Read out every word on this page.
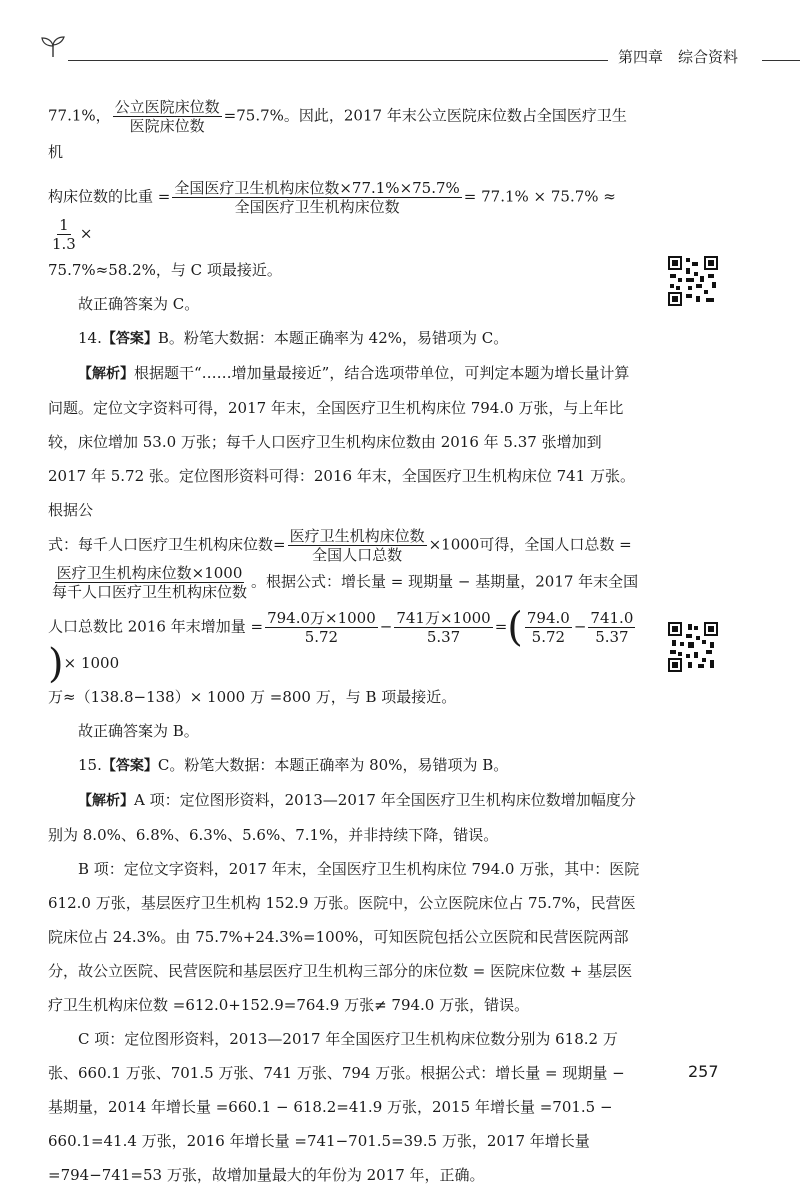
第四章　综合资料

77.1%， $\frac{\text{公立医院床位数}}{\text{医院床位数}} =75.7\%$。因此，2017 年末公立医院床位数占全国医疗卫生机

构床位数的比重 = $\frac{\text{全国医疗卫生机构床位数×77.1\%×75.7\%}}{\text{全国医疗卫生机构床位数}} = 77.1\% \times 75.7\%$ ≈
$\frac{1}{1.3}$ ×

75.7%≈58.2%，与 C 项最接近。

故正确答案为 C。

14.【答案】B。粉笔大数据：本题正确率为 42%，易错项为 C。

【解析】根据题干“……增加量最接近”，结合选项带单位，可判定本题为增长量计算问题。定位文字资料可得，2017 年末，全国医疗卫生机构床位 794.0 万张，与上年比较，床位增加 53.0 万张；每千人口医疗卫生机构床位数由 2016 年 5.37 张增加到 2017 年 5.72 张。定位图形资料可得：2016 年末，全国医疗卫生机构床位 741 万张。根据公

式：每千人口医疗卫生机构床位数= $\frac{\text{医疗卫生机构床位数}}{\text{全国人口总数}} \times 1000$可得，全国人口总数 =

$\frac{\text{医疗卫生机构床位数×1000}}{\text{每千人口医疗卫生机构床位数}}$ 。根据公式：增长量 = 现期量 − 基期量，2017 年末全国

人口总数比 2016 年末增加量 = $\frac{\text{794.0万×1000}}{5.72} - \frac{\text{741万×1000}}{5.37}$ =( $\frac{794.0}{5.72} - \frac{741.0}{5.37}$
)× 1000

万≈（138.8−138）× 1000 万 =800 万，与 B 项最接近。

故正确答案为 B。

15.【答案】C。粉笔大数据：本题正确率为 80%，易错项为 B。

【解析】A 项：定位图形资料，2013—2017 年全国医疗卫生机构床位数增加幅度分别为 8.0%、6.8%、6.3%、5.6%、7.1%，并非持续下降，错误。

B 项：定位文字资料，2017 年末，全国医疗卫生机构床位 794.0 万张，其中：医院 612.0 万张，基层医疗卫生机构 152.9 万张。医院中，公立医院床位占 75.7%，民营医院床位占 24.3%。由 75.7%+24.3%=100%，可知医院包括公立医院和民营医院两部分，故公立医院、民营医院和基层医疗卫生机构三部分的床位数 = 医院床位数 + 基层医疗卫生机构床位数 =612.0+152.9=764.9 万张≠ 794.0 万张，错误。

C 项：定位图形资料，2013—2017 年全国医疗卫生机构床位数分别为 618.2 万张、660.1 万张、701.5 万张、741 万张、794 万张。根据公式：增长量 = 现期量 − 基期量，2014 年增长量 =660.1 − 618.2=41.9 万张，2015 年增长量 =701.5 − 660.1=41.4 万张，2016 年增长量 =741−701.5=39.5 万张，2017 年增长量 =794−741=53 万张，故增加量最大的年份为 2017 年，正确。

257
